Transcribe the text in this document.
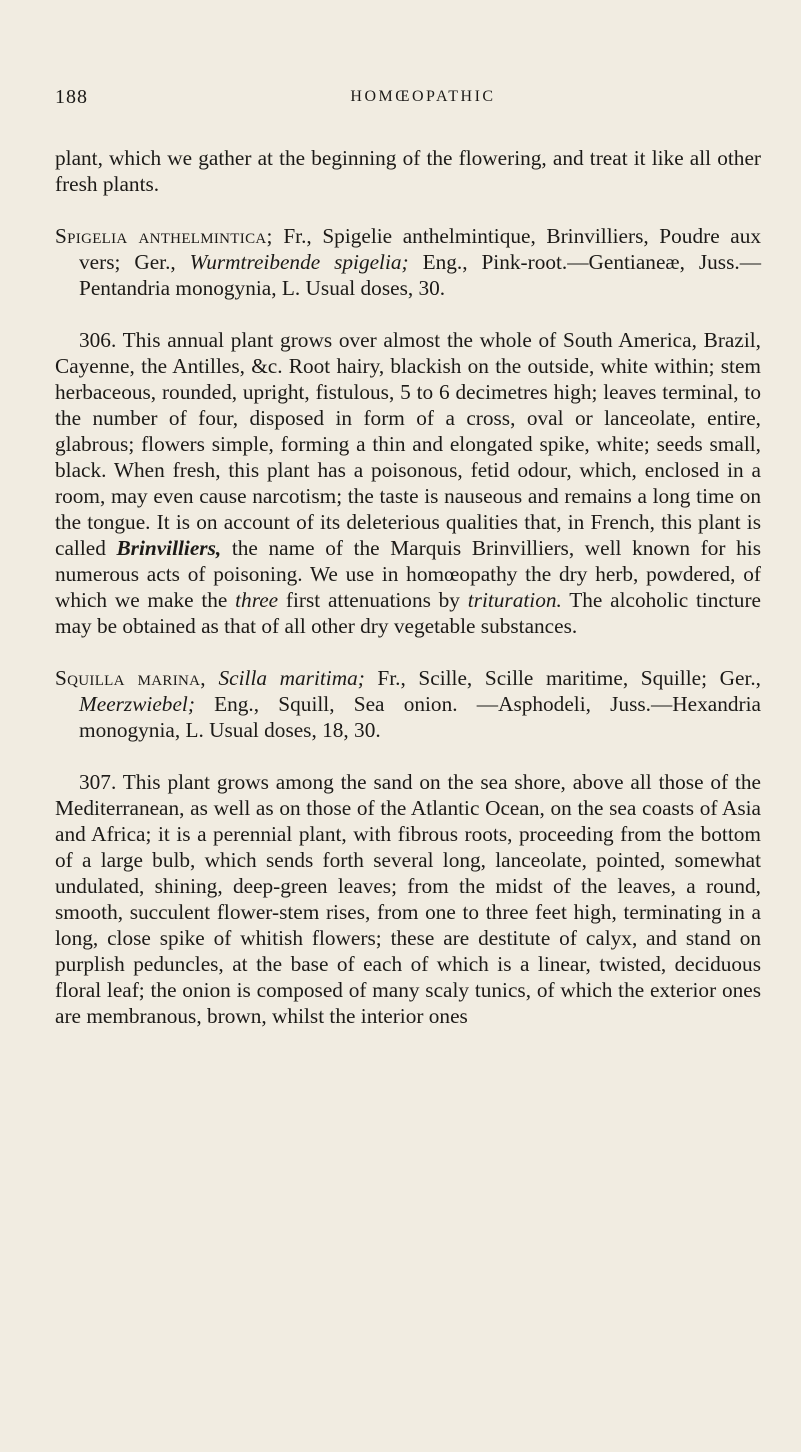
188	HOMŒOPATHIC

plant, which we gather at the beginning of the flowering, and treat it like all other fresh plants.

Spigelia anthelmintica; Fr., Spigelie anthelmintique, Brinvilliers, Poudre aux vers; Ger., Wurmtreibende spigelia; Eng., Pink-root.—Gentianeæ, Juss.—Pentandria monogynia, L. Usual doses, 30.

306. This annual plant grows over almost the whole of South America, Brazil, Cayenne, the Antilles, &c. Root hairy, blackish on the outside, white within; stem herbaceous, rounded, upright, fistulous, 5 to 6 decimetres high; leaves terminal, to the number of four, disposed in form of a cross, oval or lanceolate, entire, glabrous; flowers simple, forming a thin and elongated spike, white; seeds small, black. When fresh, this plant has a poisonous, fetid odour, which, enclosed in a room, may even cause narcotism; the taste is nauseous and remains a long time on the tongue. It is on account of its deleterious qualities that, in French, this plant is called Brinvilliers, the name of the Marquis Brinvilliers, well known for his numerous acts of poisoning. We use in homœopathy the dry herb, powdered, of which we make the three first attenuations by trituration. The alcoholic tincture may be obtained as that of all other dry vegetable substances.

Squilla marina, Scilla maritima; Fr., Scille, Scille maritime, Squille; Ger., Meerzwiebel; Eng., Squill, Sea onion. —Asphodeli, Juss.—Hexandria monogynia, L. Usual doses, 18, 30.

307. This plant grows among the sand on the sea shore, above all those of the Mediterranean, as well as on those of the Atlantic Ocean, on the sea coasts of Asia and Africa; it is a perennial plant, with fibrous roots, proceeding from the bottom of a large bulb, which sends forth several long, lanceolate, pointed, somewhat undulated, shining, deep-green leaves; from the midst of the leaves, a round, smooth, succulent flower-stem rises, from one to three feet high, terminating in a long, close spike of whitish flowers; these are destitute of calyx, and stand on purplish peduncles, at the base of each of which is a linear, twisted, deciduous floral leaf; the onion is composed of many scaly tunics, of which the exterior ones are membranous, brown, whilst the interior ones
